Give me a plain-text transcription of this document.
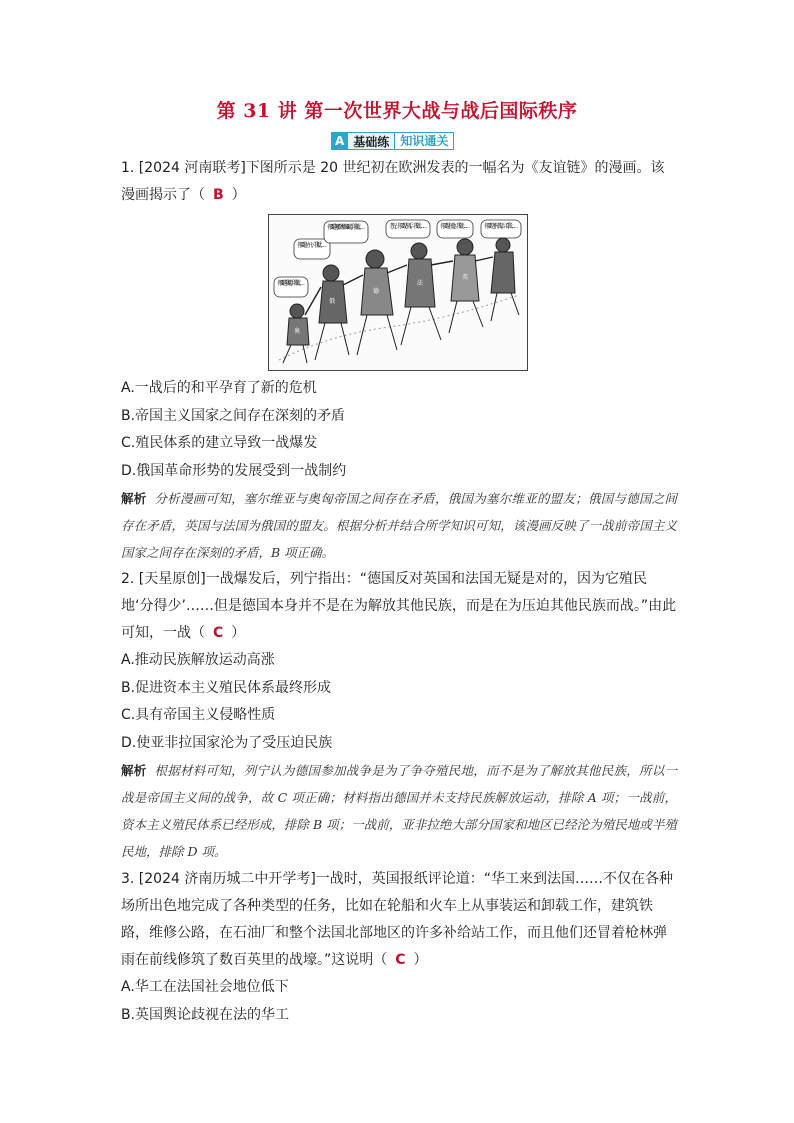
第 31 讲 第一次世界大战与战后国际秩序
A 基础练 知识通关

1. [2024 河南联考]下图所示是 20 世纪初在欧洲发表的一幅名为《友谊链》的漫画。该漫画揭示了（ B ）

你要是向我动手，我就……
你要是动一下，我就……
你要是向那个塞尔维亚动手，我就……	老兄，你要是出手，我就…… 你要是打他，我就…… 你要是不打的话，看我……
奥
俄
德
法
英

A.一战后的和平孕育了新的危机

B.帝国主义国家之间存在深刻的矛盾

C.殖民体系的建立导致一战爆发

D.俄国革命形势的发展受到一战制约

解析 分析漫画可知，塞尔维亚与奥匈帝国之间存在矛盾，俄国为塞尔维亚的盟友；俄国与德国之间存在矛盾，英国与法国为俄国的盟友。根据分析并结合所学知识可知，该漫画反映了一战前帝国主义国家之间存在深刻的矛盾，B 项正确。

2. [天星原创]一战爆发后，列宁指出：“德国反对英国和法国无疑是对的，因为它殖民地‘分得少’……但是德国本身并不是在为解放其他民族，而是在为压迫其他民族而战。”由此可知，一战（ C ）

A.推动民族解放运动高涨

B.促进资本主义殖民体系最终形成

C.具有帝国主义侵略性质

D.使亚非拉国家沦为了受压迫民族

解析 根据材料可知，列宁认为德国参加战争是为了争夺殖民地，而不是为了解放其他民族，所以一战是帝国主义间的战争，故 C 项正确；材料指出德国并未支持民族解放运动，排除 A 项；一战前，资本主义殖民体系已经形成，排除 B 项；一战前，亚非拉绝大部分国家和地区已经沦为殖民地或半殖民地，排除 D 项。

3. [2024 济南历城二中开学考]一战时，英国报纸评论道：“华工来到法国……不仅在各种场所出色地完成了各种类型的任务，比如在轮船和火车上从事装运和卸载工作，建筑铁路，维修公路，在石油厂和整个法国北部地区的许多补给站工作，而且他们还冒着枪林弹雨在前线修筑了数百英里的战壕。”这说明（ C ）

A.华工在法国社会地位低下

B.英国舆论歧视在法的华工
